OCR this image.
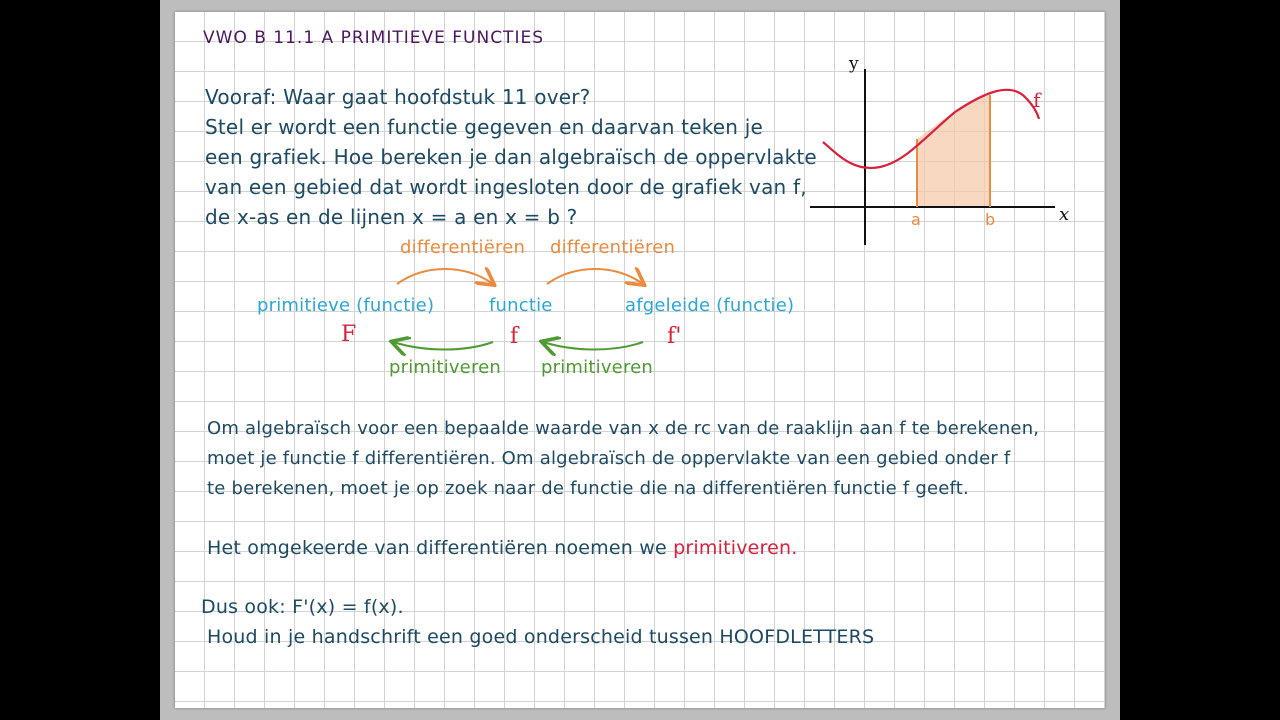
VWO B 11.1 A PRIMITIEVE FUNCTIES
Vooraf: Waar gaat hoofdstuk 11 over?
Stel er wordt een functie gegeven en daarvan teken je
een grafiek. Hoe bereken je dan algebraïsch de oppervlakte
van een gebied dat wordt ingesloten door de grafiek van f,
de x-as en de lijnen x = a en x = b ?
y
x
f
a	b
differentiëren differentiëren
primitieve (functie)	functie	afgeleide (functie)
F	f	f'
primitiveren primitiveren
Om algebraïsch voor een bepaalde waarde van x de rc van de raaklijn aan f te berekenen,
moet je functie f differentiëren. Om algebraïsch de oppervlakte van een gebied onder f
te berekenen, moet je op zoek naar de functie die na differentiëren functie f geeft.
Het omgekeerde van differentiëren noemen we primitiveren.
Dus ook: F'(x) = f(x).
Houd in je handschrift een goed onderscheid tussen HOOFDLETTERS
